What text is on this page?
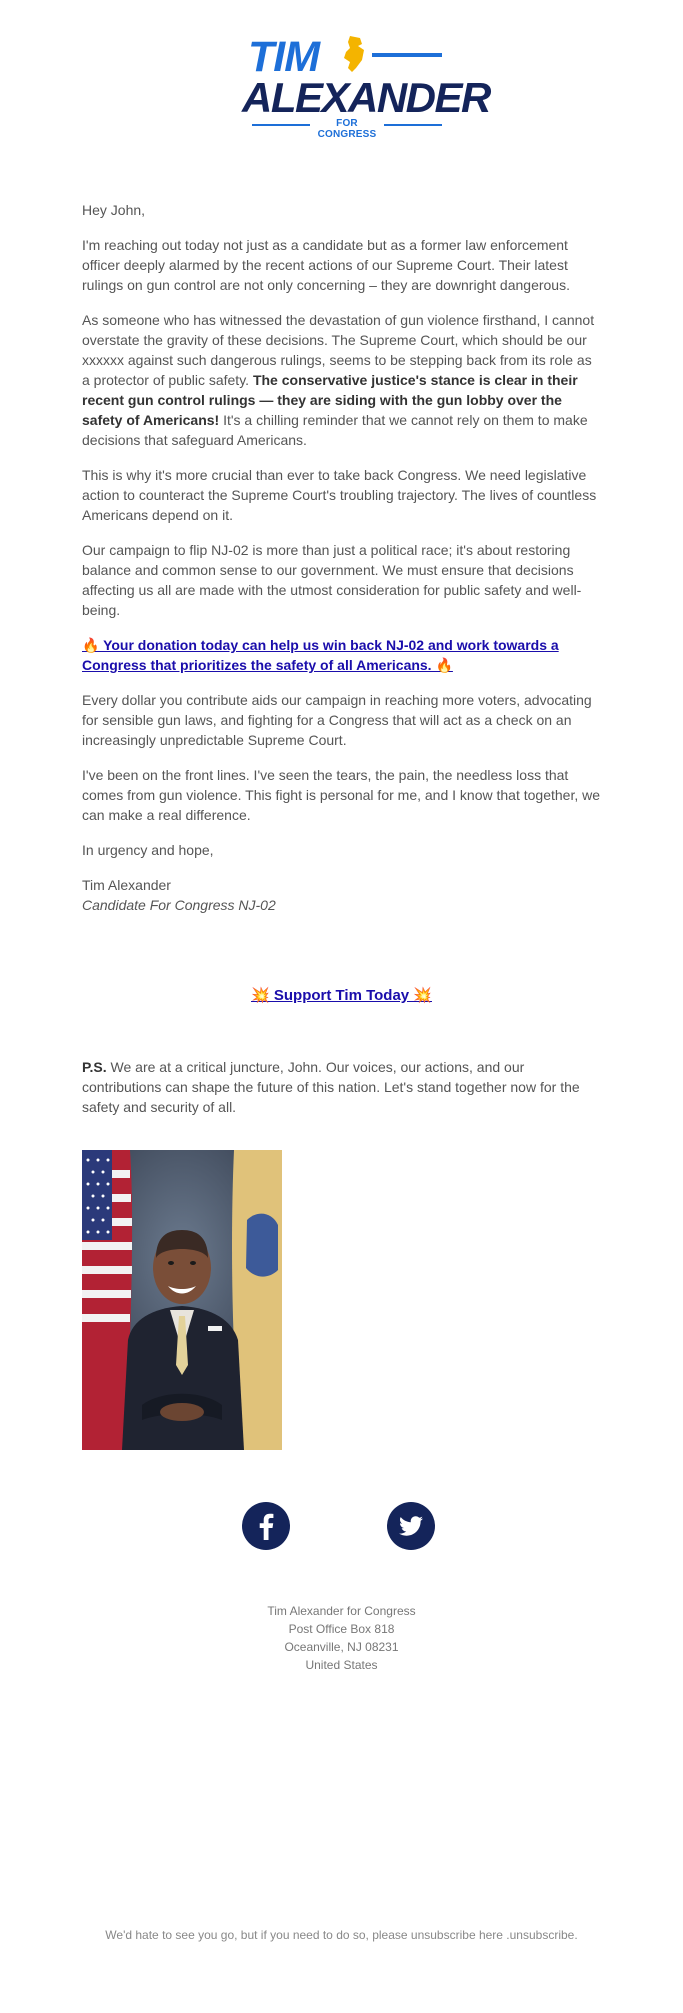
TIM
ALEXANDER
FOR CONGRESS

Hey John,

I'm reaching out today not just as a candidate but as a former law enforcement officer deeply alarmed by the recent actions of our Supreme Court. Their latest rulings on gun control are not only concerning – they are downright dangerous.

As someone who has witnessed the devastation of gun violence firsthand, I cannot overstate the gravity of these decisions. The Supreme Court, which should be our xxxxxx against such dangerous rulings, seems to be stepping back from its role as a protector of public safety. The conservative justice's stance is clear in their recent gun control rulings — they are siding with the gun lobby over the safety of Americans! It's a chilling reminder that we cannot rely on them to make decisions that safeguard Americans.

This is why it's more crucial than ever to take back Congress. We need legislative action to counteract the Supreme Court's troubling trajectory. The lives of countless Americans depend on it.

Our campaign to flip NJ-02 is more than just a political race; it's about restoring balance and common sense to our government. We must ensure that decisions affecting us all are made with the utmost consideration for public safety and well-being.

🔥 Your donation today can help us win back NJ-02 and work towards a Congress that prioritizes the safety of all Americans. 🔥

Every dollar you contribute aids our campaign in reaching more voters, advocating for sensible gun laws, and fighting for a Congress that will act as a check on an increasingly unpredictable Supreme Court.

I've been on the front lines. I've seen the tears, the pain, the needless loss that comes from gun violence. This fight is personal for me, and I know that together, we can make a real difference.

In urgency and hope,

Tim Alexander

Candidate For Congress NJ-02

💥 Support Tim Today 💥
P.S. We are at a critical juncture, John. Our voices, our actions, and our contributions can shape the future of this nation. Let's stand together now for the safety and security of all.
Tim Alexander for Congress
Post Office Box 818
Oceanville, NJ 08231
United States
We'd hate to see you go, but if you need to do so, please unsubscribe here .unsubscribe.
